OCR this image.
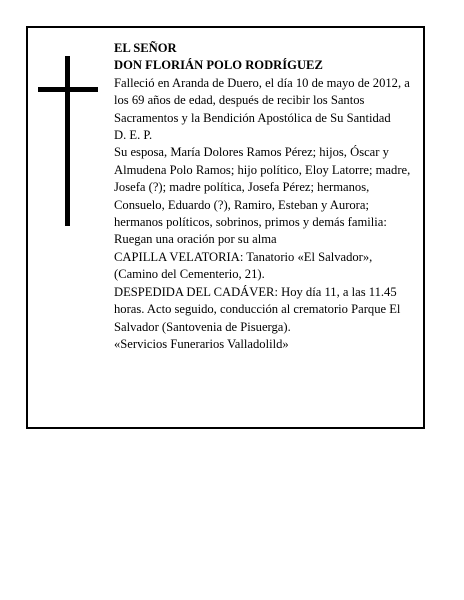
EL SEÑOR

DON FLORIÁN POLO RODRÍGUEZ

Falleció en Aranda de Duero, el día 10 de mayo de 2012, a los 69 años de edad, después de recibir los Santos Sacramentos y la Bendición Apostólica de Su Santidad

D. E. P.

Su esposa, María Dolores Ramos Pérez; hijos, Óscar y Almudena Polo Ramos; hijo político, Eloy Latorre; madre, Josefa (?); madre política, Josefa Pérez; hermanos, Consuelo, Eduardo (?), Ramiro, Esteban y Aurora; hermanos políticos, sobrinos, primos y demás familia:

Ruegan una oración por su alma

CAPILLA VELATORIA: Tanatorio «El Salvador», (Camino del Cementerio, 21).

DESPEDIDA DEL CADÁVER: Hoy día 11, a las 11.45 horas. Acto seguido, conducción al crematorio Parque El Salvador (Santovenia de Pisuerga).

«Servicios Funerarios Valladolild»
